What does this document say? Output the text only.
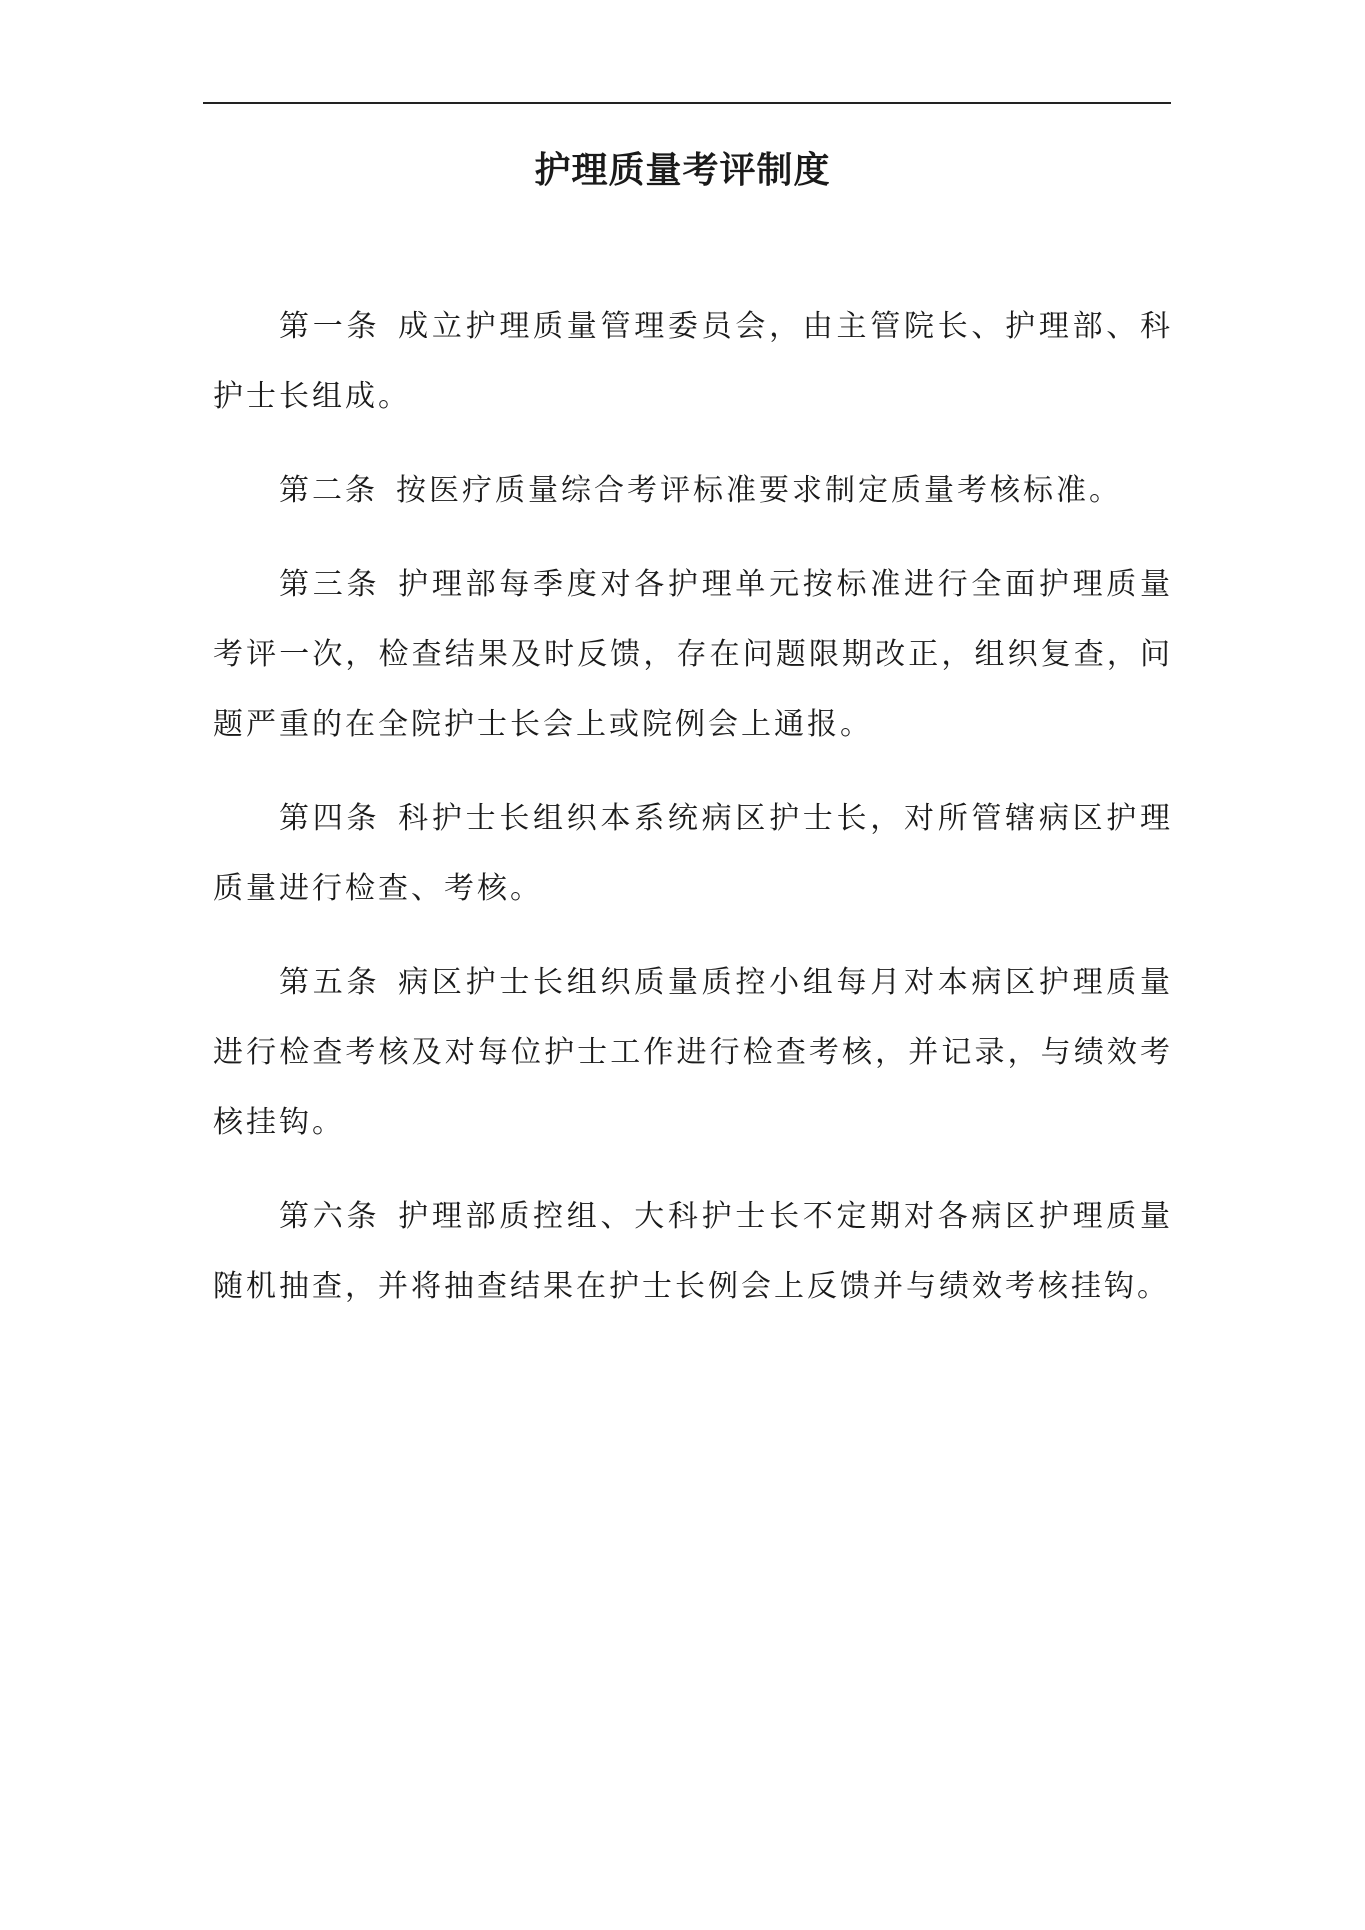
护理质量考评制度

第一条 成立护理质量管理委员会，由主管院长、护理部、科护士长组成。

第二条 按医疗质量综合考评标准要求制定质量考核标准。

第三条 护理部每季度对各护理单元按标准进行全面护理质量考评一次，检查结果及时反馈，存在问题限期改正，组织复查，问题严重的在全院护士长会上或院例会上通报。

第四条 科护士长组织本系统病区护士长，对所管辖病区护理质量进行检查、考核。

第五条 病区护士长组织质量质控小组每月对本病区护理质量进行检查考核及对每位护士工作进行检查考核，并记录，与绩效考核挂钩。

第六条 护理部质控组、大科护士长不定期对各病区护理质量随机抽查，并将抽查结果在护士长例会上反馈并与绩效考核挂钩。
